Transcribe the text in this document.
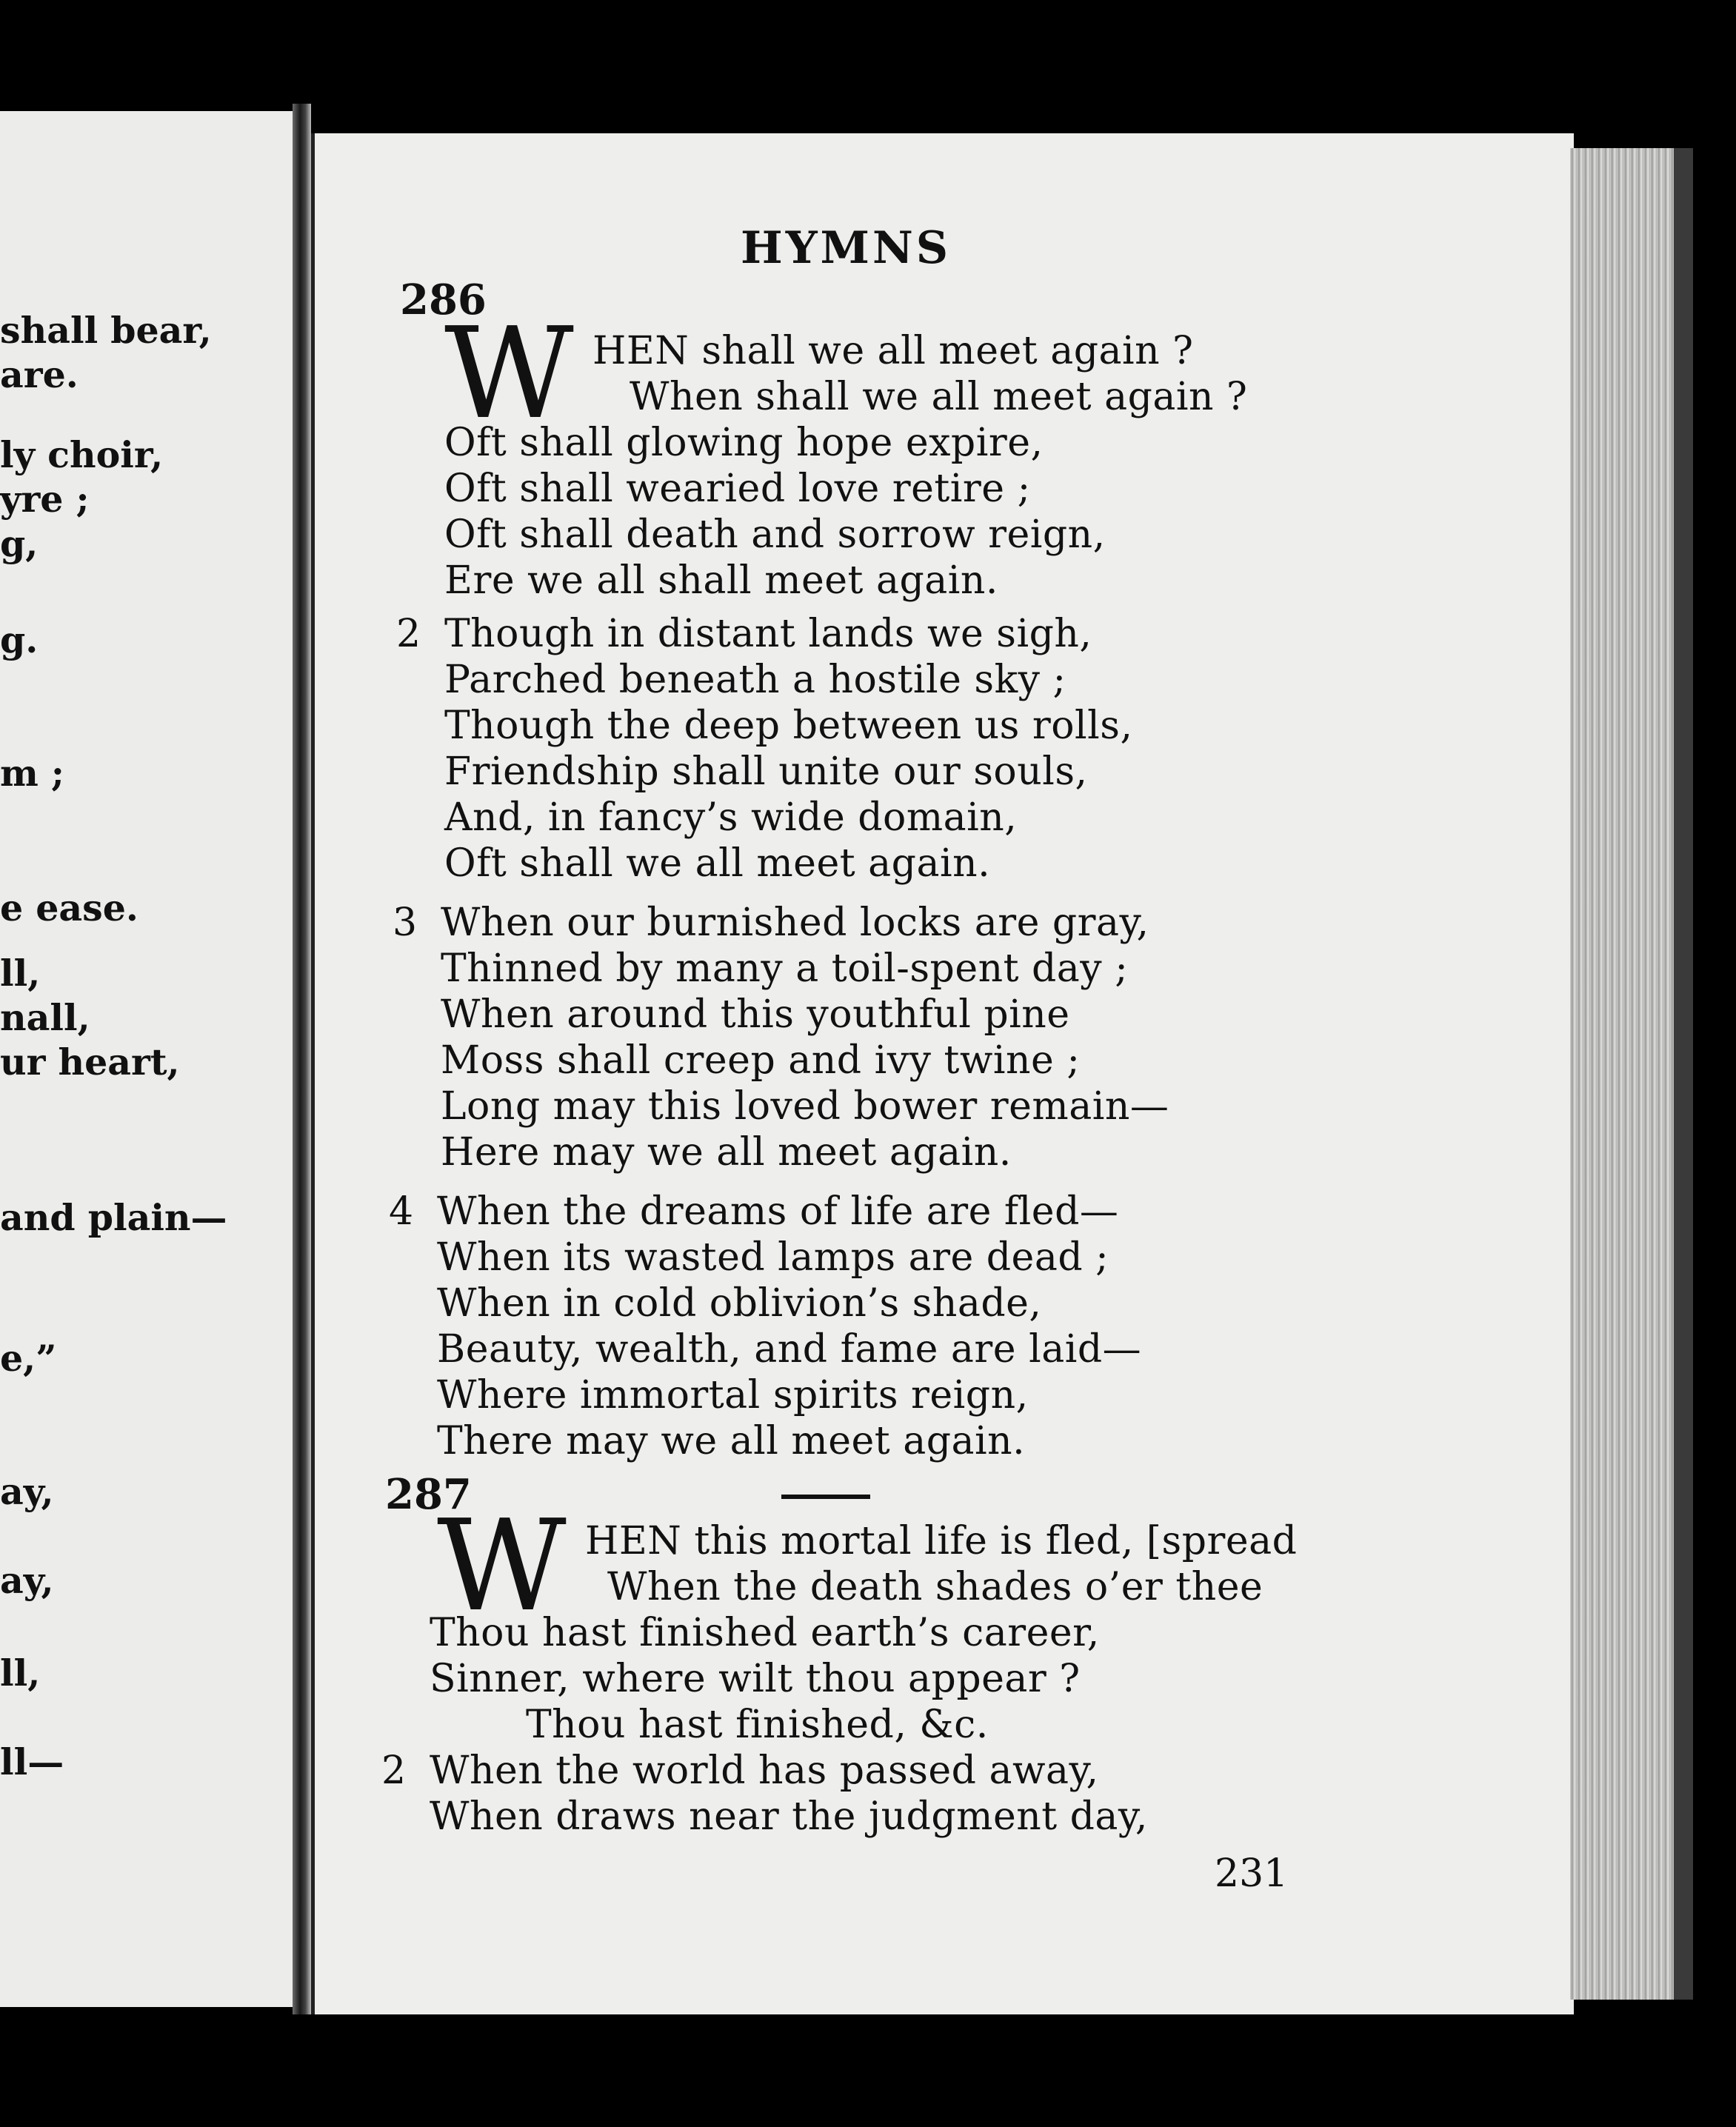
shall bear,
are.
ly choir,
yre ;
g,
g.
m ;
e ease.
ll,
nall,
ur heart,
and plain—
e,”
ay,
ay,
ll,
ll—
HYMNS
286
W HEN shall we all meet again ?
When shall we all meet again ?
Oft shall glowing hope expire,
Oft shall wearied love retire ;
Oft shall death and sorrow reign,
Ere we all shall meet again.
2 Though in distant lands we sigh,
Parched beneath a hostile sky ;
Though the deep between us rolls,
Friendship shall unite our souls,
And, in fancy’s wide domain,
Oft shall we all meet again.
3 When our burnished locks are gray,
Thinned by many a toil-spent day ;
When around this youthful pine
Moss shall creep and ivy twine ;
Long may this loved bower remain—
Here may we all meet again.
4 When the dreams of life are fled—
When its wasted lamps are dead ;
When in cold oblivion’s shade,
Beauty, wealth, and fame are laid—
Where immortal spirits reign,
There may we all meet again.
287
W HEN this mortal life is fled, [spread
When the death shades o’er thee
Thou hast finished earth’s career,
Sinner, where wilt thou appear ?
Thou hast finished, &c.
2 When the world has passed away,
When draws near the judgment day,
231
